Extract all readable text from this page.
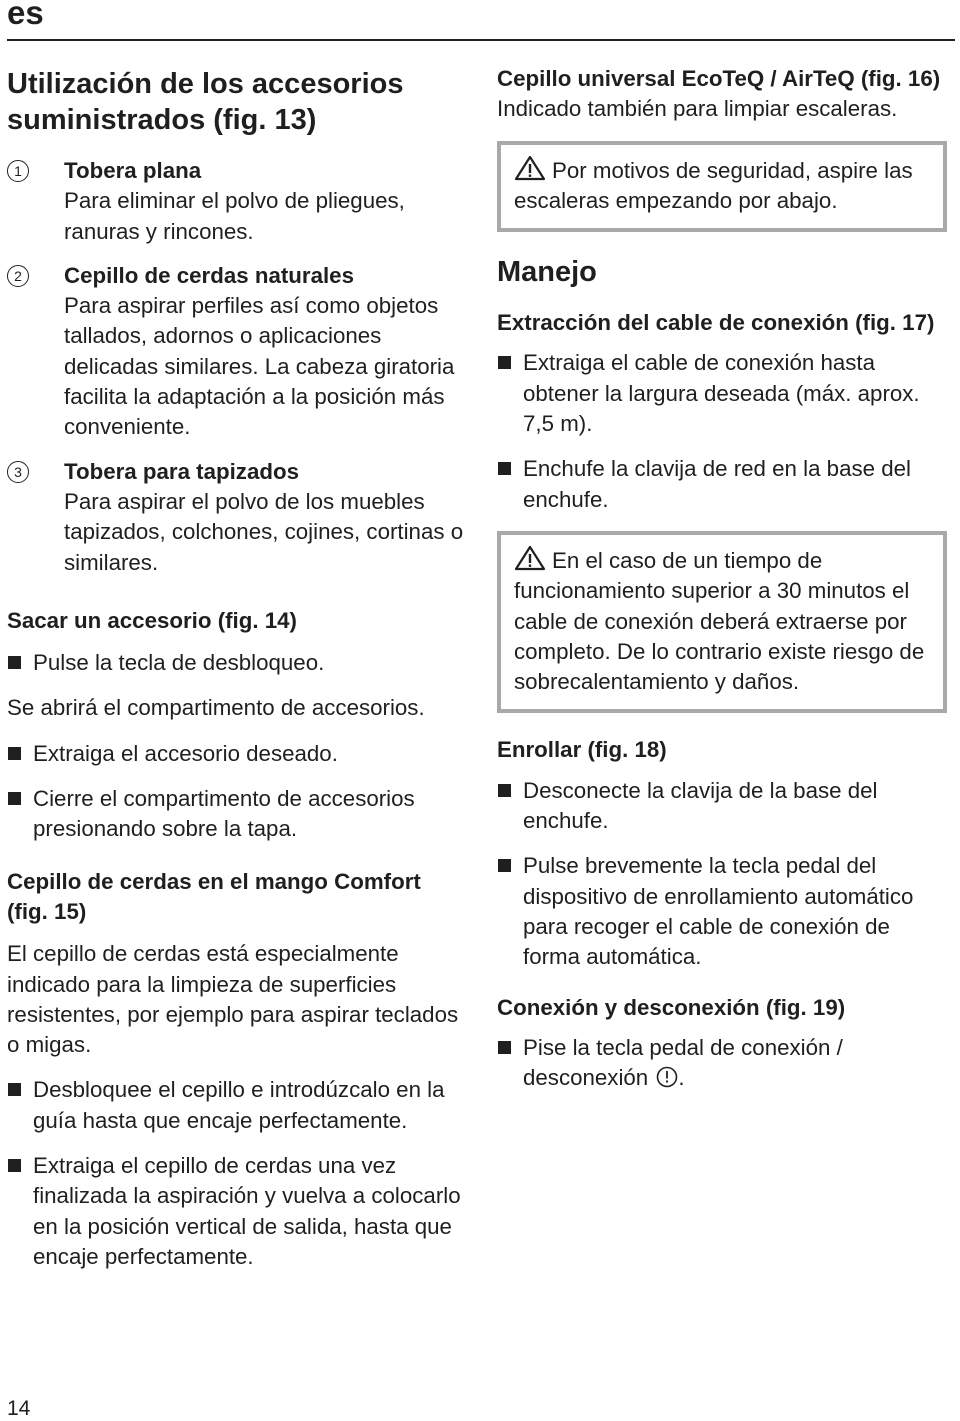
es
Utilización de los accesorios suministrados (fig. 13)
1	Tobera plana
Para eliminar el polvo de pliegues, ranuras y rincones.
2	Cepillo de cerdas naturales
Para aspirar perfiles así como objetos tallados, adornos o aplicaciones delicadas similares. La cabeza giratoria facilita la adaptación a la posición más conveniente.
3	Tobera para tapizados
Para aspirar el polvo de los muebles tapizados, colchones, cojines, cortinas o similares.
Sacar un accesorio (fig. 14)
Pulse la tecla de desbloqueo.

Se abrirá el compartimento de accesorios.

Extraiga el accesorio deseado.
Cierre el compartimento de accesorios presionando sobre la tapa.
Cepillo de cerdas en el mango Comfort (fig. 15)

El cepillo de cerdas está especialmente indicado para la limpieza de superficies resistentes, por ejemplo para aspirar teclados o migas.

Desbloquee el cepillo e introdúzcalo en la guía hasta que encaje perfectamente.
Extraiga el cepillo de cerdas una vez finalizada la aspiración y vuelva a colocarlo en la posición vertical de salida, hasta que encaje perfectamente.
Cepillo universal EcoTeQ / AirTeQ (fig. 16)

Indicado también para limpiar escaleras.

Por motivos de seguridad, aspire las escaleras empezando por abajo.
Manejo
Extracción del cable de conexión (fig. 17)
Extraiga el cable de conexión hasta obtener la largura deseada (máx. aprox. 7,5 m).
Enchufe la clavija de red en la base del enchufe.
En el caso de un tiempo de funcionamiento superior a 30 minutos el cable de conexión deberá extraerse por completo. De lo contrario existe riesgo de sobrecalentamiento y daños.
Enrollar (fig. 18)
Desconecte la clavija de la base del enchufe.
Pulse brevemente la tecla pedal del dispositivo de enrollamiento automático para recoger el cable de conexión de forma automática.
Conexión y desconexión (fig. 19)
Pise la tecla pedal de conexión / desconexión .
14
